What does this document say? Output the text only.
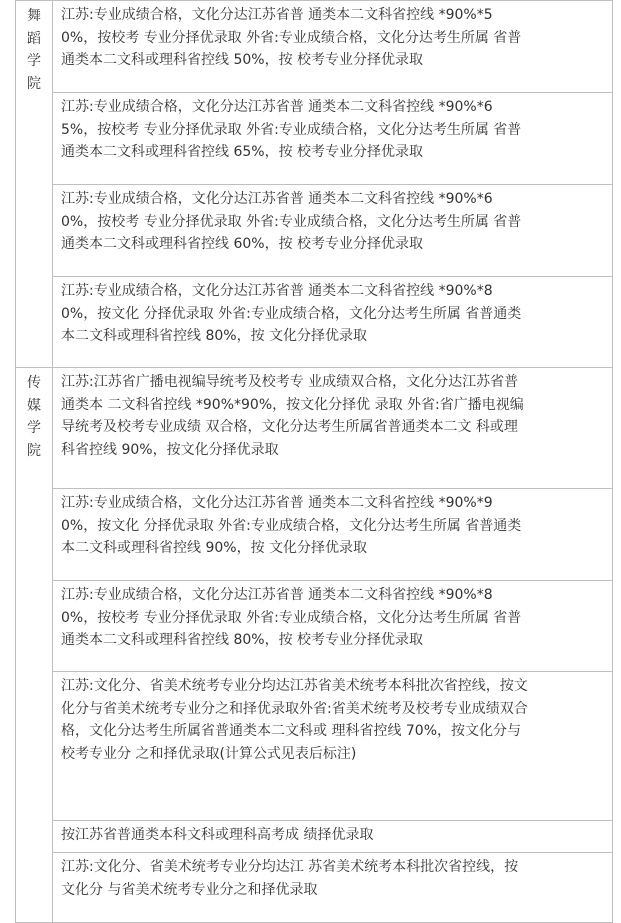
舞
蹈
学
院	江苏:专业成绩合格，文化分达江苏省普 通类本二文科省控线 *90%*5
0%，按校考 专业分择优录取 外省:专业成绩合格，文化分达考生所属 省普
通类本二文科或理科省控线 50%，按 校考专业分择优录取

	江苏:专业成绩合格，文化分达江苏省普 通类本二文科省控线 *90%*6
5%，按校考 专业分择优录取 外省:专业成绩合格，文化分达考生所属 省普
通类本二文科或理科省控线 65%，按 校考专业分择优录取

	江苏:专业成绩合格，文化分达江苏省普 通类本二文科省控线 *90%*6
0%，按校考 专业分择优录取 外省:专业成绩合格，文化分达考生所属 省普
通类本二文科或理科省控线 60%，按 校考专业分择优录取

	江苏:专业成绩合格，文化分达江苏省普 通类本二文科省控线 *90%*8
0%，按文化 分择优录取 外省:专业成绩合格，文化分达考生所属 省普通类
本二文科或理科省控线 80%，按 文化分择优录取

传
媒
学
院	江苏:江苏省广播电视编导统考及校考专 业成绩双合格，文化分达江苏省普
通类本 二文科省控线 *90%*90%，按文化分择优 录取 外省:省广播电视编
导统考及校考专业成绩 双合格，文化分达考生所属省普通类本二文 科或理
科省控线 90%，按文化分择优录取

	江苏:专业成绩合格，文化分达江苏省普 通类本二文科省控线 *90%*9
0%，按文化 分择优录取 外省:专业成绩合格，文化分达考生所属 省普通类
本二文科或理科省控线 90%，按 文化分择优录取

	江苏:专业成绩合格，文化分达江苏省普 通类本二文科省控线 *90%*8
0%，按校考 专业分择优录取 外省:专业成绩合格，文化分达考生所属 省普
通类本二文科或理科省控线 80%，按 校考专业分择优录取

	江苏:文化分、省美术统考专业分均达江苏省美术统考本科批次省控线，按文
化分与省美术统考专业分之和择优录取外省:省美术统考及校考专业成绩双合
格，文化分达考生所属省普通类本二文科或 理科省控线 70%，按文化分与
校考专业分 之和择优录取(计算公式见表后标注)

	按江苏省普通类本科文科或理科高考成 绩择优录取

	江苏:文化分、省美术统考专业分均达江 苏省美术统考本科批次省控线，按
文化分 与省美术统考专业分之和择优录取
